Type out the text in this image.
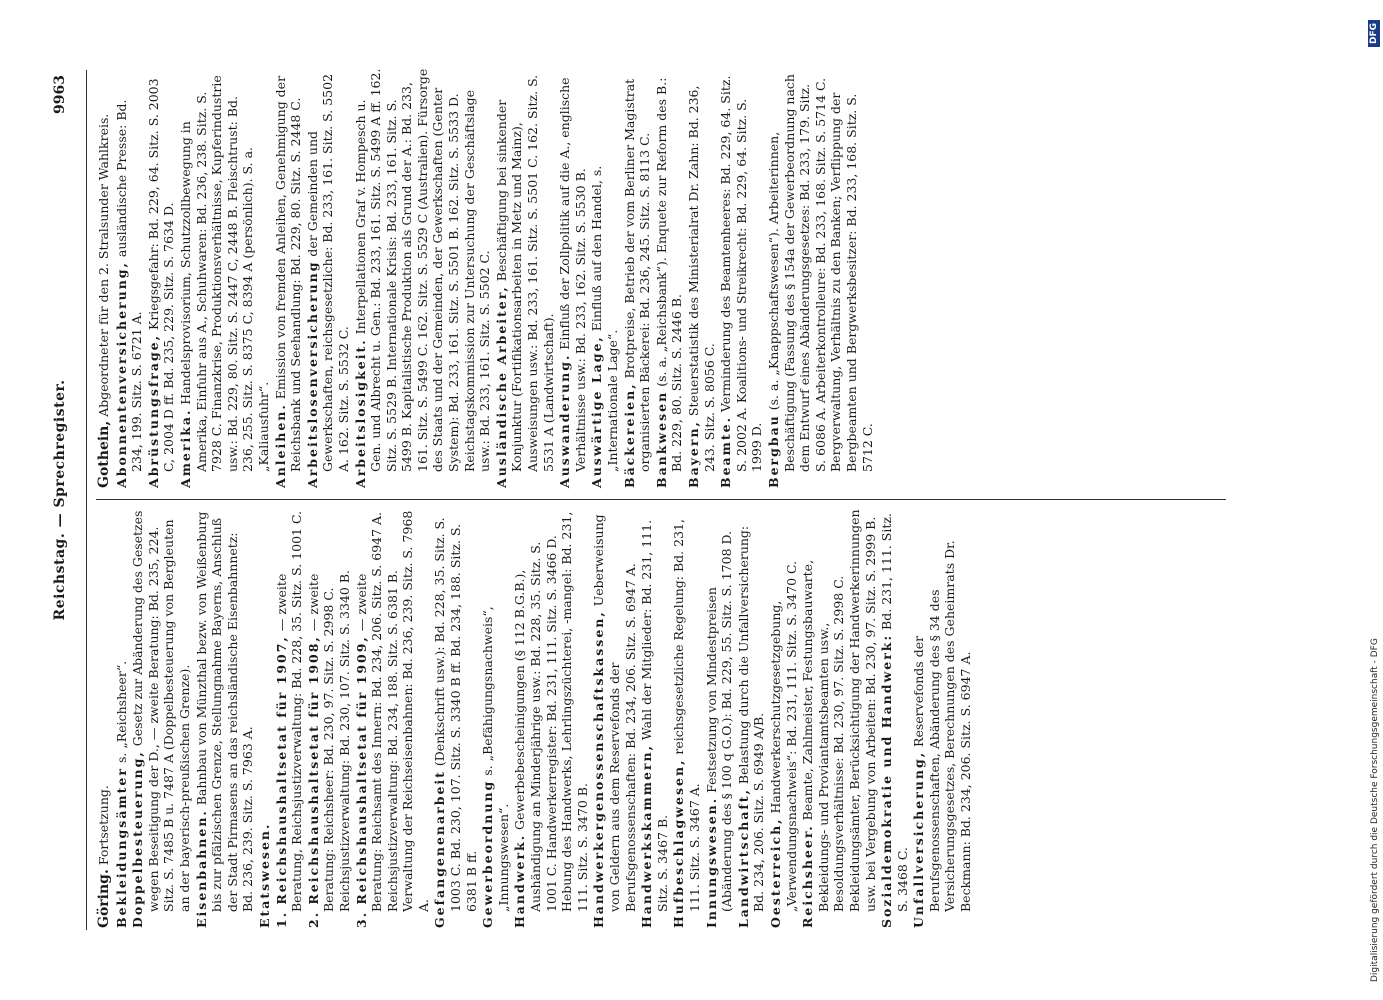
Reichstag. — Sprechregister.
9963

Göring. Fortsetzung. Bekleidungsämter s. „Reichsheer“.

Doppelbesteuerung, Gesetz zur Abänderung des Gesetzes wegen Beseitigung der D., — zweite Beratung: Bd. 235, 224. Sitz. S. 7485 B u. 7487 A (Doppelbesteuerung von Bergleuten an der bayerisch-preußischen Grenze). Eisenbahnen. Bahnbau von Münzthal bezw. von Weißenburg bis zur pfälzischen Grenze, Stellungnahme Bayerns, Anschluß der Stadt Pirmasens an das reichsländische Eisenbahnnetz: Bd. 236, 239. Sitz. S. 7963 A. Etatswesen. 1. Reichshaushaltsetat für 1907, — zweite Beratung, Reichsjustizverwaltung: Bd. 228, 35. Sitz. S. 1001 C. 2. Reichshaushaltsetat für 1908, — zweite Beratung: Reichsheer: Bd. 230, 97. Sitz. S. 2998 C. Reichsjustizverwaltung: Bd. 230, 107. Sitz. S. 3340 B. 3. Reichshaushaltsetat für 1909, — zweite Beratung: Reichsamt des Innern: Bd. 234, 206. Sitz. S. 6947 A. Reichsjustizverwaltung: Bd. 234, 188. Sitz. S. 6381 B. Verwaltung der Reichseisenbahnen: Bd. 236, 239. Sitz. S. 7968 A. Gefangenenarbeit (Denkschrift usw.): Bd. 228, 35. Sitz. S. 1003 C. Bd. 230, 107. Sitz. S. 3340 B ff. Bd. 234, 188. Sitz. S. 6381 B ff. Gewerbeordnung s. „Befähigungsnachweis“, „Innungswesen“. Handwerk. Gewerbebescheinigungen (§ 112 B.G.B.), Aushändigung an Minderjährige usw.: Bd. 228, 35. Sitz. S. 1001 C. Handwerkerregister: Bd. 231, 111. Sitz. S. 3466 D. Hebung des Handwerks, Lehrlingszüchterei, -mangel: Bd. 231, 111. Sitz. S. 3470 B. Handwerkergenossenschaftskassen, Ueberweisung von Geldern aus dem Reservefonds der Berufsgenossenschaften: Bd. 234, 206. Sitz. S. 6947 A. Handwerkskammern, Wahl der Mitglieder: Bd. 231, 111. Sitz. S. 3467 B. Hufbeschlagwesen, reichsgesetzliche Regelung: Bd. 231, 111. Sitz. S. 3467 A. Innungswesen. Festsetzung von Mindestpreisen (Abänderung des § 100 q G.O.): Bd. 229, 55. Sitz. S. 1708 D. Landwirtschaft, Belastung durch die Unfallversicherung: Bd. 234, 206. Sitz. S. 6949 A/B. Oesterreich, Handwerkerschutzgesetzgebung, „Verwendungsnachweis“: Bd. 231, 111. Sitz. S. 3470 C. Reichsheer. Beamte, Zahlmeister, Festungsbauwarte, Bekleidungs- und Proviantamtsbeamten usw., Besoldungsverhältnisse: Bd. 230, 97. Sitz. S. 2998 C. Bekleidungsämter, Berücksichtigung der Handwerkerinnungen usw. bei Vergebung von Arbeiten: Bd. 230, 97. Sitz. S. 2999 B. Sozialdemokratie und Handwerk: Bd. 231, 111. Sitz. S. 3468 C. Unfallversicherung, Reservefonds der Berufsgenossenschaften, Abänderung des § 34 des Versicherungsgesetzes, Berechnungen des Geheimrats Dr. Beckmann: Bd. 234, 206. Sitz. S. 6947 A.

Gothein, Abgeordneter für den 2. Stralsunder Wahlkreis. Abonnentenversicherung, ausländische Presse: Bd. 234, 199. Sitz. S. 6721 A. Abrüstungsfrage, Kriegsgefahr: Bd. 229, 64. Sitz. S. 2003 C, 2004 D ff. Bd. 235, 229. Sitz. S. 7634 D. Amerika. Handelsprovisorium, Schutzzollbewegung in Amerika, Einfuhr aus A., Schuhwaren: Bd. 236, 238. Sitz. S. 7928 C. Finanzkrise, Produktionsverhältnisse, Kupferindustrie usw.: Bd. 229, 80. Sitz. S. 2447 C, 2448 B. Fleischtrust: Bd. 236, 255. Sitz. S. 8375 C, 8394 A (persönlich). S. a. „Kaliausfuhr“. Anleihen. Emission von fremden Anleihen, Genehmigung der Reichsbank und Seehandlung: Bd. 229, 80. Sitz. S. 2448 C. Arbeitslosenversicherung der Gemeinden und Gewerkschaften, reichsgesetzliche: Bd. 233, 161. Sitz. S. 5502 A. 162. Sitz. S. 5532 C. Arbeitslosigkeit. Interpellationen Graf v. Hompesch u. Gen. und Albrecht u. Gen.: Bd. 233, 161. Sitz. S. 5499 A ff. 162. Sitz. S. 5529 B. Internationale Krisis: Bd. 233, 161. Sitz. S. 5499 B. Kapitalistische Produktion als Grund der A.: Bd. 233, 161. Sitz. S. 5499 C. 162. Sitz. S. 5529 C (Australien). Fürsorge des Staats und der Gemeinden, der Gewerkschaften (Genter System): Bd. 233, 161. Sitz. S. 5501 B. 162. Sitz. S. 5533 D. Reichstagskommission zur Untersuchung der Geschäftslage usw.: Bd. 233, 161. Sitz. S. 5502 C. Ausländische Arbeiter, Beschäftigung bei sinkender Konjunktur (Fortifikationsarbeiten in Metz und Mainz), Ausweisungen usw.: Bd. 233, 161. Sitz. S. 5501 C. 162. Sitz. S. 5531 A (Landwirtschaft). Auswanderung. Einfluß der Zollpolitik auf die A., englische Verhältnisse usw.: Bd. 233, 162. Sitz. S. 5530 B. Auswärtige Lage, Einfluß auf den Handel, s. „Internationale Lage“. Bäckereien, Brotpreise, Betrieb der vom Berliner Magistrat organisierten Bäckerei: Bd. 236, 245. Sitz. S. 8113 C. Bankwesen (s. a. „Reichsbank“). Enquete zur Reform des B.: Bd. 229, 80. Sitz. S. 2446 B. Bayern, Steuerstatistik des Ministerialrat Dr. Zahn: Bd. 236, 243. Sitz. S. 8056 C. Beamte. Verminderung des Beamtenheeres: Bd. 229, 64. Sitz. S. 2002 A. Koalitions- und Streikrecht: Bd. 229, 64. Sitz. S. 1999 D. Bergbau (s. a. „Knappschaftswesen“). Arbeiterinnen, Beschäftigung (Fassung des § 154a der Gewerbeordnung nach dem Entwurf eines Abänderungsgesetzes: Bd. 233, 179. Sitz. S. 6086 A. Arbeiterkontrolleure: Bd. 233, 168. Sitz. S. 5714 C. Bergverwaltung, Verhältnis zu den Banken; Verflippung der Bergbeamten und Bergwerksbesitzer: Bd. 233, 168. Sitz. S. 5712 C.

Digitalisierung gefördert durch die Deutsche Forschungsgemeinschaft - DFG
DFG
